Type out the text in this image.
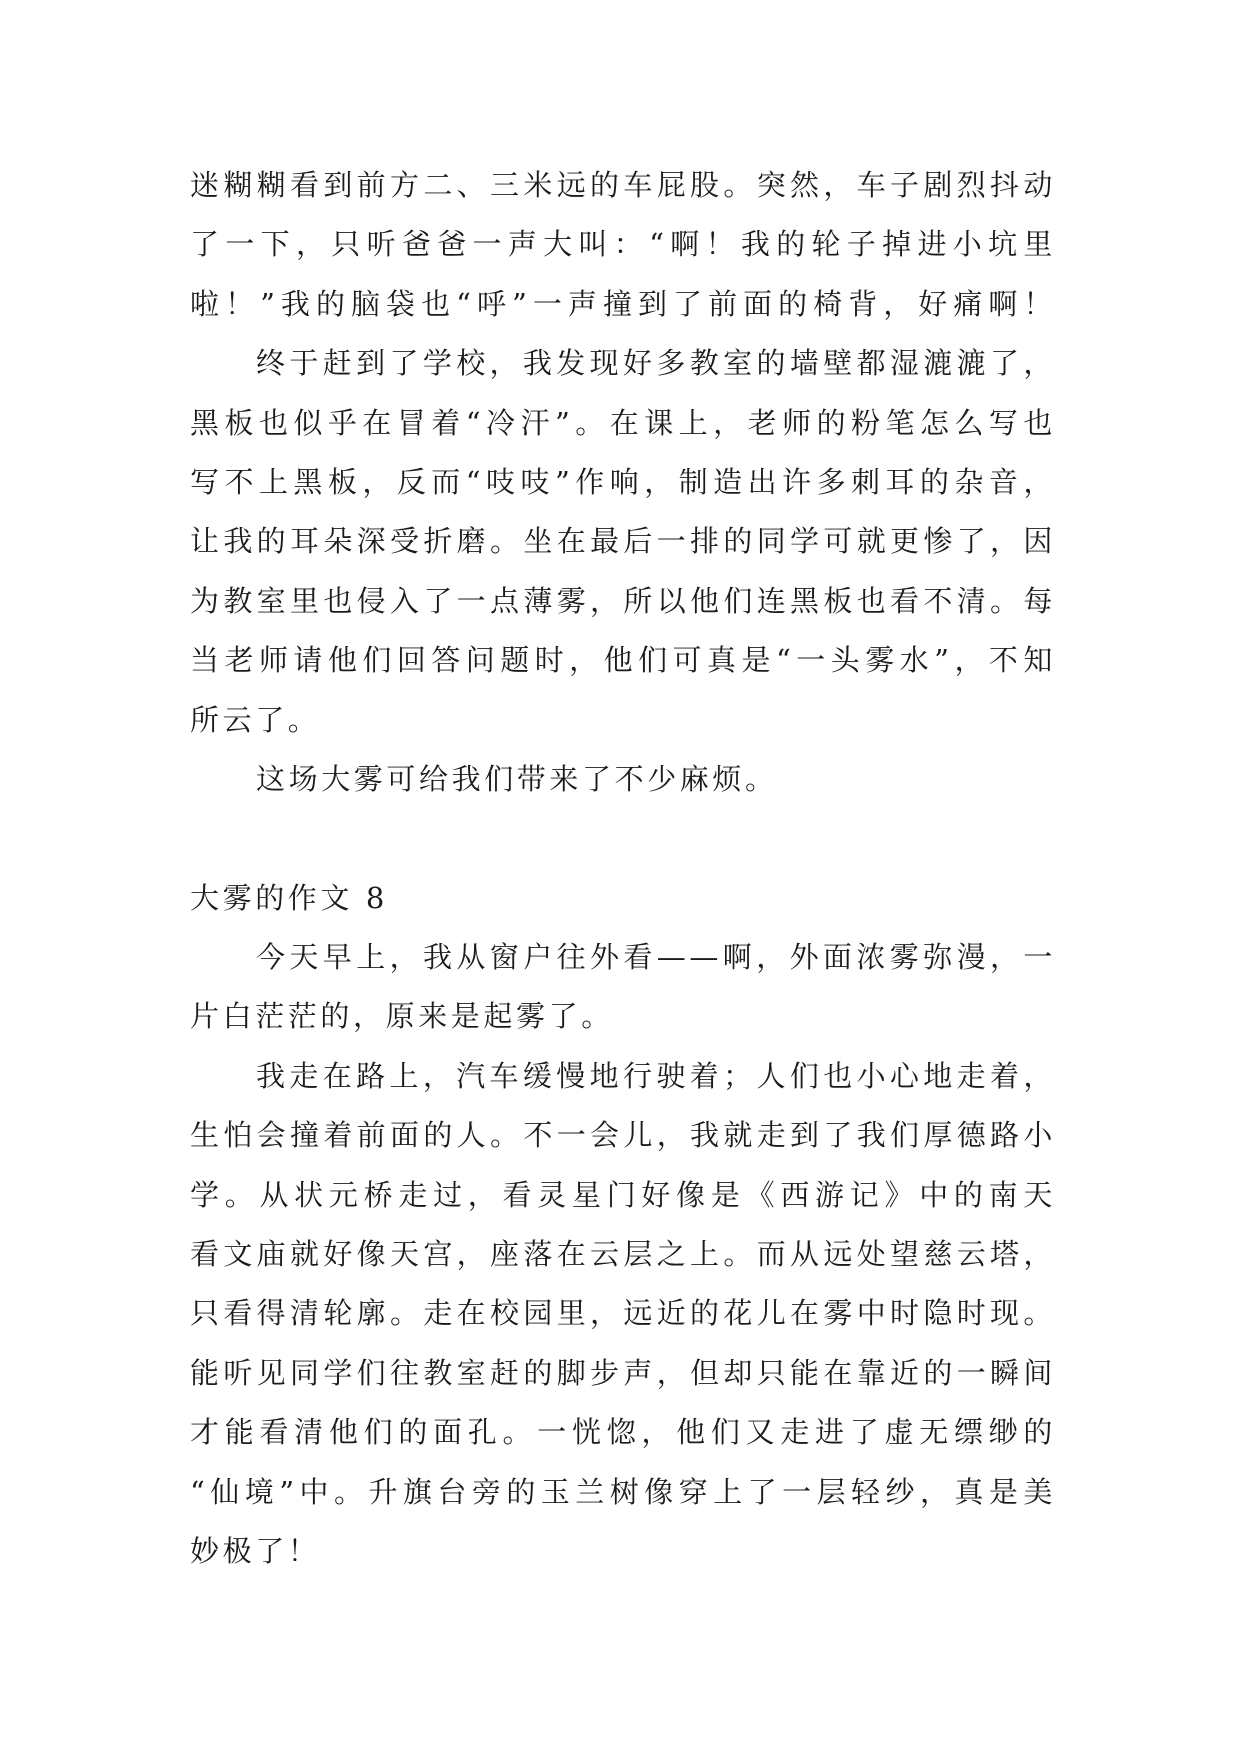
迷糊糊看到前方二、三米远的车屁股。突然，车子剧烈抖动
了一下，只听爸爸一声大叫：“啊！我的轮子掉进小坑里
啦！”我的脑袋也“呼”一声撞到了前面的椅背，好痛啊！
终于赶到了学校，我发现好多教室的墙壁都湿漉漉了，
黑板也似乎在冒着“冷汗”。在课上，老师的粉笔怎么写也
写不上黑板，反而“吱吱”作响，制造出许多刺耳的杂音，
让我的耳朵深受折磨。坐在最后一排的同学可就更惨了，因
为教室里也侵入了一点薄雾，所以他们连黑板也看不清。每
当老师请他们回答问题时，他们可真是“一头雾水”，不知
所云了。
这场大雾可给我们带来了不少麻烦。
大雾的作文 8
今天早上，我从窗户往外看——啊，外面浓雾弥漫，一
片白茫茫的，原来是起雾了。
我走在路上，汽车缓慢地行驶着；人们也小心地走着，
生怕会撞着前面的人。不一会儿，我就走到了我们厚德路小
学。从状元桥走过，看灵星门好像是《西游记》中的南天
看文庙就好像天宫，座落在云层之上。而从远处望慈云塔，
只看得清轮廓。走在校园里，远近的花儿在雾中时隐时现。
能听见同学们往教室赶的脚步声，但却只能在靠近的一瞬间
才能看清他们的面孔。一恍惚，他们又走进了虚无缥缈的
“仙境”中。升旗台旁的玉兰树像穿上了一层轻纱，真是美
妙极了！
